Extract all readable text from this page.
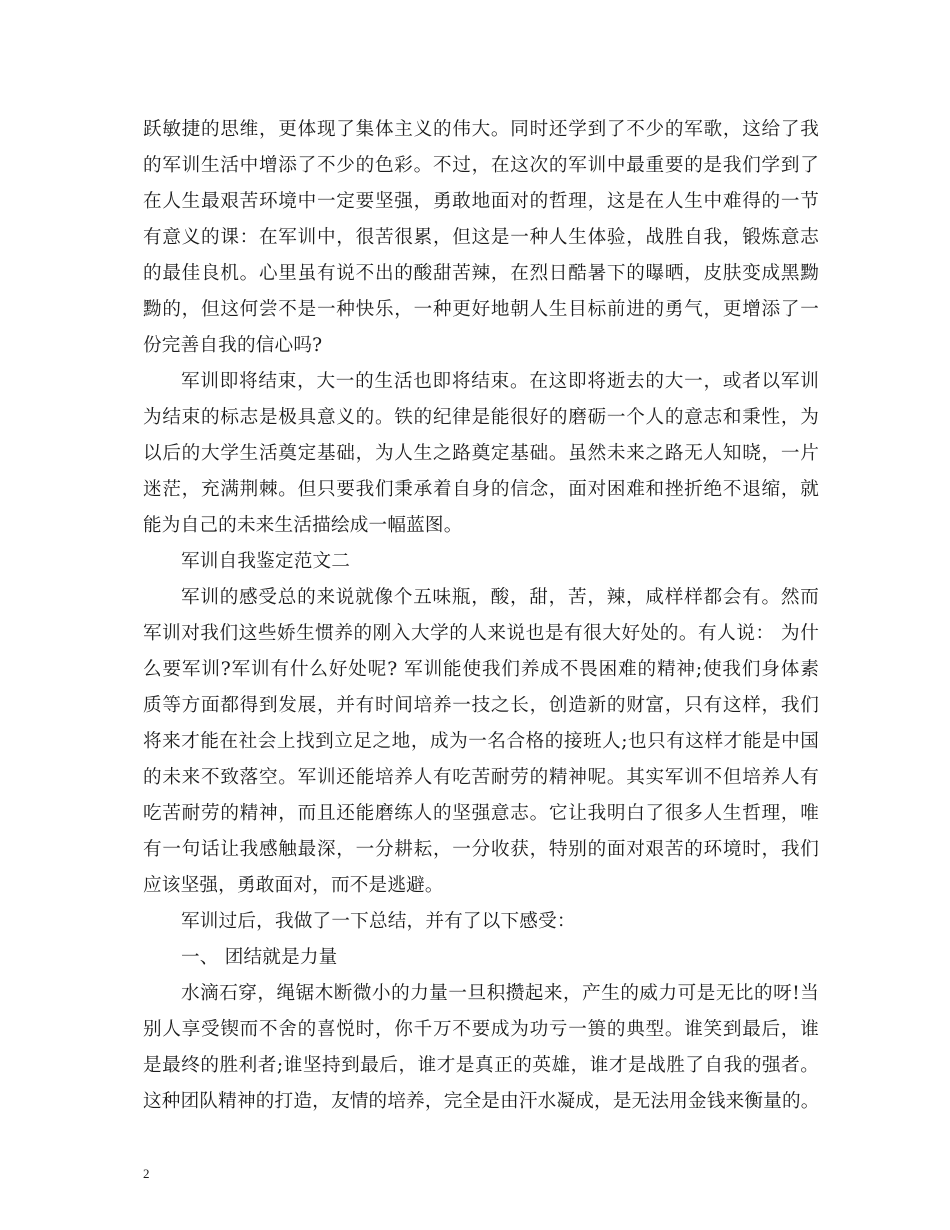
跃敏捷的思维，更体现了集体主义的伟大。同时还学到了不少的军歌，这给了我
的军训生活中增添了不少的色彩。不过，在这次的军训中最重要的是我们学到了
在人生最艰苦环境中一定要坚强，勇敢地面对的哲理，这是在人生中难得的一节
有意义的课：在军训中，很苦很累，但这是一种人生体验，战胜自我，锻炼意志
的最佳良机。心里虽有说不出的酸甜苦辣，在烈日酷暑下的曝晒，皮肤变成黑黝
黝的，但这何尝不是一种快乐，一种更好地朝人生目标前进的勇气，更增添了一
份完善自我的信心吗?
军训即将结束，大一的生活也即将结束。在这即将逝去的大一，或者以军训
为结束的标志是极具意义的。铁的纪律是能很好的磨砺一个人的意志和秉性，为
以后的大学生活奠定基础，为人生之路奠定基础。虽然未来之路无人知晓，一片
迷茫，充满荆棘。但只要我们秉承着自身的信念，面对困难和挫折绝不退缩，就
能为自己的未来生活描绘成一幅蓝图。
军训自我鉴定范文二
军训的感受总的来说就像个五味瓶，酸，甜，苦，辣，咸样样都会有。然而
军训对我们这些娇生惯养的刚入大学的人来说也是有很大好处的。有人说： 为什
么要军训?军训有什么好处呢? 军训能使我们养成不畏困难的精神;使我们身体素
质等方面都得到发展，并有时间培养一技之长，创造新的财富，只有这样，我们
将来才能在社会上找到立足之地，成为一名合格的接班人;也只有这样才能是中国
的未来不致落空。军训还能培养人有吃苦耐劳的精神呢。其实军训不但培养人有
吃苦耐劳的精神，而且还能磨练人的坚强意志。它让我明白了很多人生哲理，唯
有一句话让我感触最深，一分耕耘，一分收获，特别的面对艰苦的环境时，我们
应该坚强，勇敢面对，而不是逃避。
军训过后，我做了一下总结，并有了以下感受：
一、 团结就是力量
水滴石穿，绳锯木断微小的力量一旦积攒起来，产生的威力可是无比的呀!当
别人享受锲而不舍的喜悦时，你千万不要成为功亏一篑的典型。谁笑到最后，谁
是最终的胜利者;谁坚持到最后，谁才是真正的英雄，谁才是战胜了自我的强者。
这种团队精神的打造，友情的培养，完全是由汗水凝成，是无法用金钱来衡量的。
2
